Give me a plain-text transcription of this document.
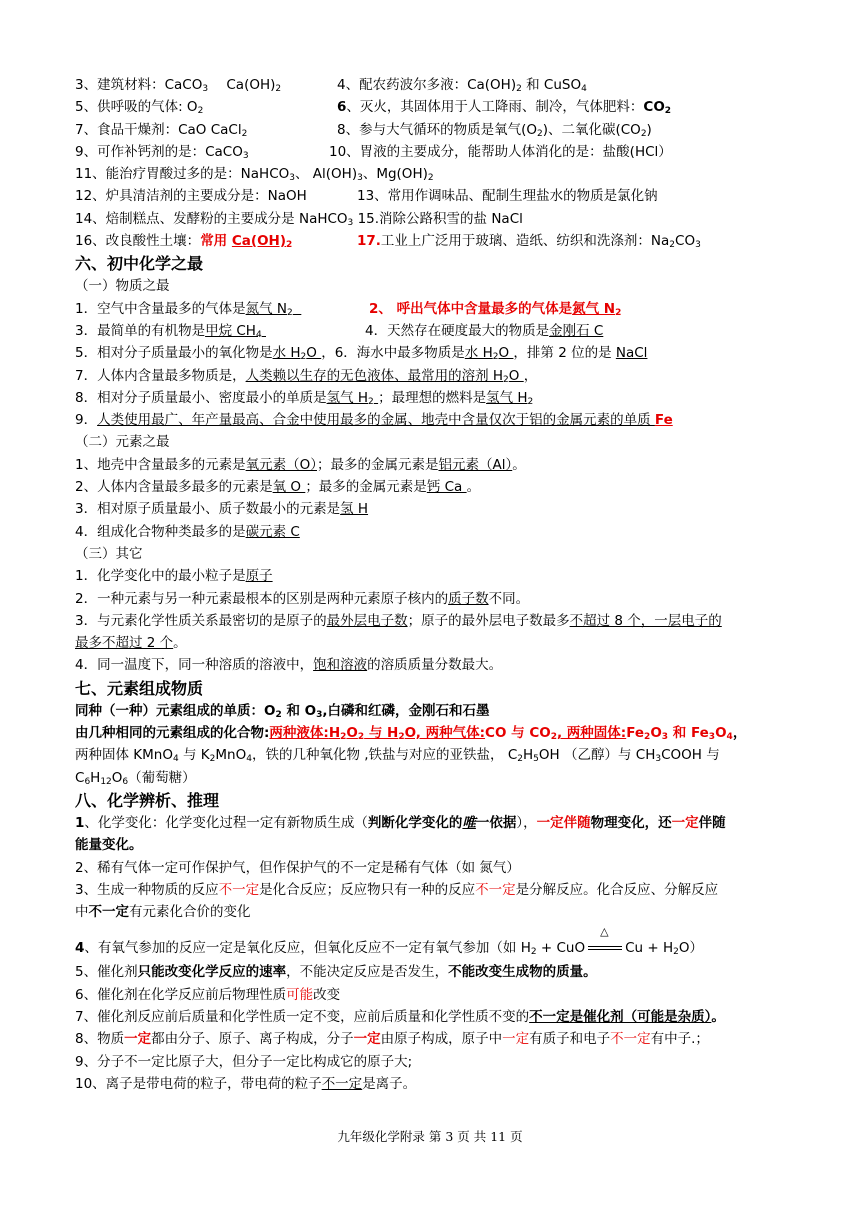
3、建筑材料：CaCO$_3$ $Ca(OH)_2$	4、配农药波尔多液：$Ca(OH)_2$ 和 CuSO$_4$
5、供呼吸的气体: $O_2$	6、灭火，其固体用于人工降雨、制冷，气体肥料：$CO_2$
7、食品干燥剂：CaO CaCl$_2$	8、参与大气循环的物质是氧气$(O_2)$、二氧化碳$(CO_2)$
9、可作补钙剂的是：CaCO$_3$	10、胃液的主要成分，能帮助人体消化的是：盐酸(HCl）
11、能治疗胃酸过多的是：NaHCO$_3$、 $Al(OH)_3$、$Mg(OH)_2$
12、炉具清洁剂的主要成分是：NaOH	13、常用作调味品、配制生理盐水的物质是氯化钠
14、焙制糕点、发酵粉的主要成分是 NaHCO$_3$ 15.消除公路积雪的盐 NaCl
16、改良酸性土壤：常用 $Ca(OH)_2$	17.工业上广泛用于玻璃、造纸、纺织和洗涤剂：$Na_2CO_3$
六、初中化学之最
（一）物质之最
1．空气中含量最多的气体是氮气 $N_2$	2、 呼出气体中含量最多的气体是氮气 $N_2$
3．最简单的有机物是甲烷 $CH_4$	4．天然存在硬度最大的物质是金刚石 C
5．相对分子质量最小的氧化物是水 $H_2O$ ，6．海水中最多物质是水 $H_2O$ ，排第 2 位的是 NaCl
7．人体内含量最多物质是，人类赖以生存的无色液体、最常用的溶剂 $H_2O$ ，
8．相对分子质量最小、密度最小的单质是氢气 $H_2$ ；最理想的燃料是氢气 $H_2$
9．人类使用最广、年产量最高、合金中使用最多的金属、地壳中含量仅次于铝的金属元素的单质 Fe
（二）元素之最
1、地壳中含量最多的元素是氧元素（O）；最多的金属元素是铝元素（Al）。
2、人体内含量最多最多的元素是氧 O ；最多的金属元素是钙 Ca 。
3．相对原子质量最小、质子数最小的元素是氢 H
4．组成化合物种类最多的是碳元素 C
（三）其它
1．化学变化中的最小粒子是原子
2．一种元素与另一种元素最根本的区别是两种元素原子核内的质子数不同。
3．与元素化学性质关系最密切的是原子的最外层电子数；原子的最外层电子数最多不超过 8 个，一层电子的
最多不超过 2 个。
4．同一温度下，同一种溶质的溶液中，饱和溶液的溶质质量分数最大。
七、元素组成物质
同种（一种）元素组成的单质：$O_2$ 和 $O_3$,白磷和红磷，金刚石和石墨
由几种相同的元素组成的化合物:两种液体$:H_2O_2$ 与 $H_2O$, 两种气体:CO 与 $CO_2$, 两种固体$:Fe_2O_3$ 和 $Fe_3O_4$，
两种固体 KMnO$_4$ 与 $K_2MnO_4$，铁的几种氧化物 ,铁盐与对应的亚铁盐， $C_2H_5OH$ （乙醇）与 $CH_3COOH$ 与
$C_6H_{12}O_6$（葡萄糖）
八、化学辨析、推理
1、化学变化：化学变化过程一定有新物质生成（判断化学变化的唯一依据），一定伴随物理变化，还一定伴随
能量变化。
2、稀有气体一定可作保护气，但作保护气的不一定是稀有气体（如 氮气）
3、生成一种物质的反应不一定是化合反应；反应物只有一种的反应不一定是分解反应。化合反应、分解反应
中不一定有元素化合价的变化
4、有氧气参加的反应一定是氧化反应，但氧化反应不一定有氧气参加（如 $H_2$ + CuO
△
$Cu + H_2O$）
5、催化剂只能改变化学反应的速率，不能决定反应是否发生，不能改变生成物的质量。
6、催化剂在化学反应前后物理性质可能改变
7、催化剂反应前后质量和化学性质一定不变，应前后质量和化学性质不变的不一定是催化剂（可能是杂质）。
8、物质一定都由分子、原子、离子构成，分子一定由原子构成，原子中一定有质子和电子不一定有中子.；
9、分子不一定比原子大，但分子一定比构成它的原子大;
10、离子是带电荷的粒子，带电荷的粒子不一定是离子。
九年级化学附录 第 3 页 共 11 页
